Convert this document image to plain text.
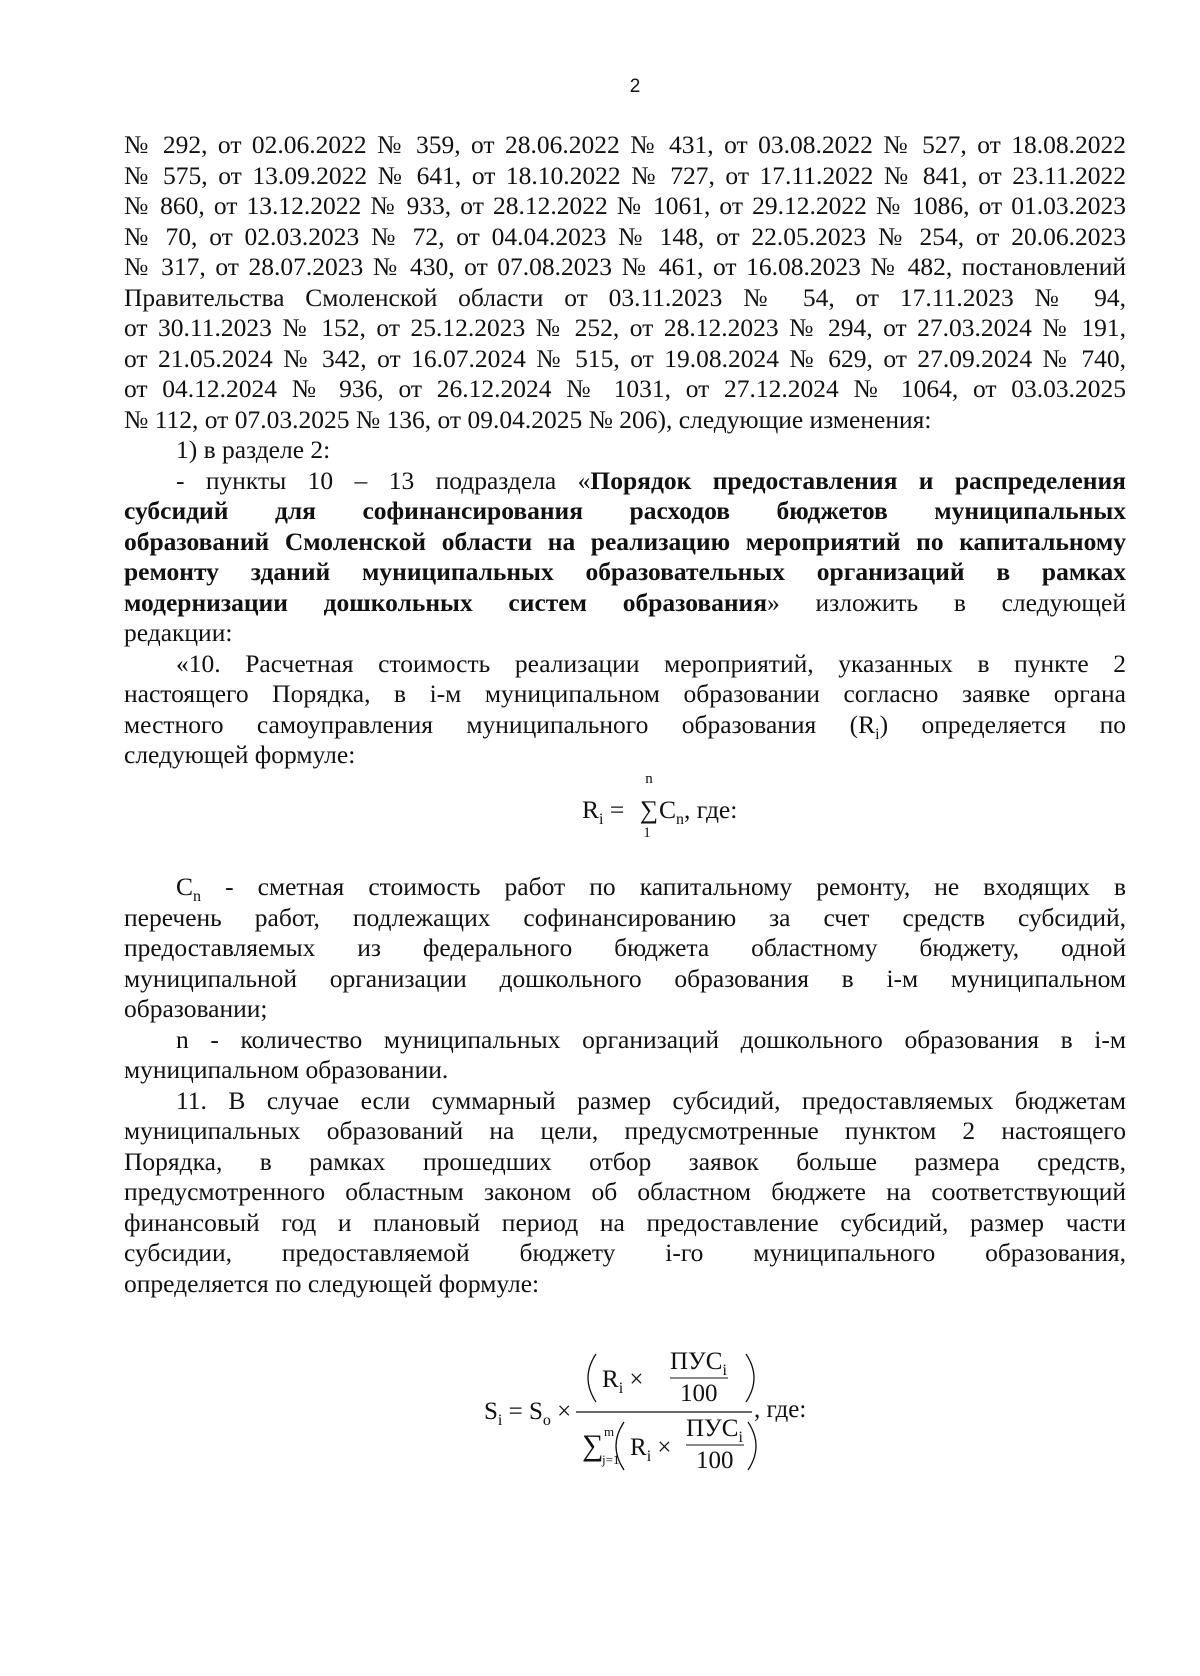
2
№ 292, от 02.06.2022 № 359, от 28.06.2022 № 431, от 03.08.2022 № 527, от 18.08.2022
№ 575, от 13.09.2022 № 641, от 18.10.2022 № 727, от 17.11.2022 № 841, от 23.11.2022
№ 860, от 13.12.2022 № 933, от 28.12.2022 № 1061, от 29.12.2022 № 1086, от 01.03.2023
№ 70, от 02.03.2023 № 72, от 04.04.2023 № 148, от 22.05.2023 № 254, от 20.06.2023
№ 317, от 28.07.2023 № 430, от 07.08.2023 № 461, от 16.08.2023 № 482, постановлений
Правительства Смоленской области от 03.11.2023 № 54, от 17.11.2023 № 94,
от 30.11.2023 № 152, от 25.12.2023 № 252, от 28.12.2023 № 294, от 27.03.2024 № 191,
от 21.05.2024 № 342, от 16.07.2024 № 515, от 19.08.2024 № 629, от 27.09.2024 № 740,
от 04.12.2024 № 936, от 26.12.2024 № 1031, от 27.12.2024 № 1064, от 03.03.2025
№ 112, от 07.03.2025 № 136, от 09.04.2025 № 206), следующие изменения:
1) в разделе 2:
- пункты 10 – 13 подраздела «Порядок предоставления и распределения
субсидий для софинансирования расходов бюджетов муниципальных
образований Смоленской области на реализацию мероприятий по капитальному
ремонту зданий муниципальных образовательных организаций в рамках
модернизации дошкольных систем образования» изложить в следующей
редакции:
«10. Расчетная стоимость реализации мероприятий, указанных в пункте 2
настоящего Порядка, в i-м муниципальном образовании согласно заявке органа
местного самоуправления муниципального образования $(R_i)$ определяется по
следующей формуле:
$R_i$ =
n
∑
1
$C_n$, где:
$C_n$ - сметная стоимость работ по капитальному ремонту, не входящих в
перечень работ, подлежащих софинансированию за счет средств субсидий,
предоставляемых из федерального бюджета областному бюджету, одной
муниципальной организации дошкольного образования в i-м муниципальном
образовании;
n - количество муниципальных организаций дошкольного образования в i-м
муниципальном образовании.
11. В случае если суммарный размер субсидий, предоставляемых бюджетам
муниципальных образований на цели, предусмотренные пунктом 2 настоящего
Порядка, в рамках прошедших отбор заявок больше размера средств,
предусмотренного областным законом об областном бюджете на соответствующий
финансовый год и плановый период на предоставление субсидий, размер части
субсидии, предоставляемой бюджету i-го муниципального образования,
определяется по следующей формуле:
$S_i = S_o$ ×
$R_i$ ×
$ПУС_i$
100
∑ m
j=1 $R_i$ ×
$ПУС_i$
100
, где:
